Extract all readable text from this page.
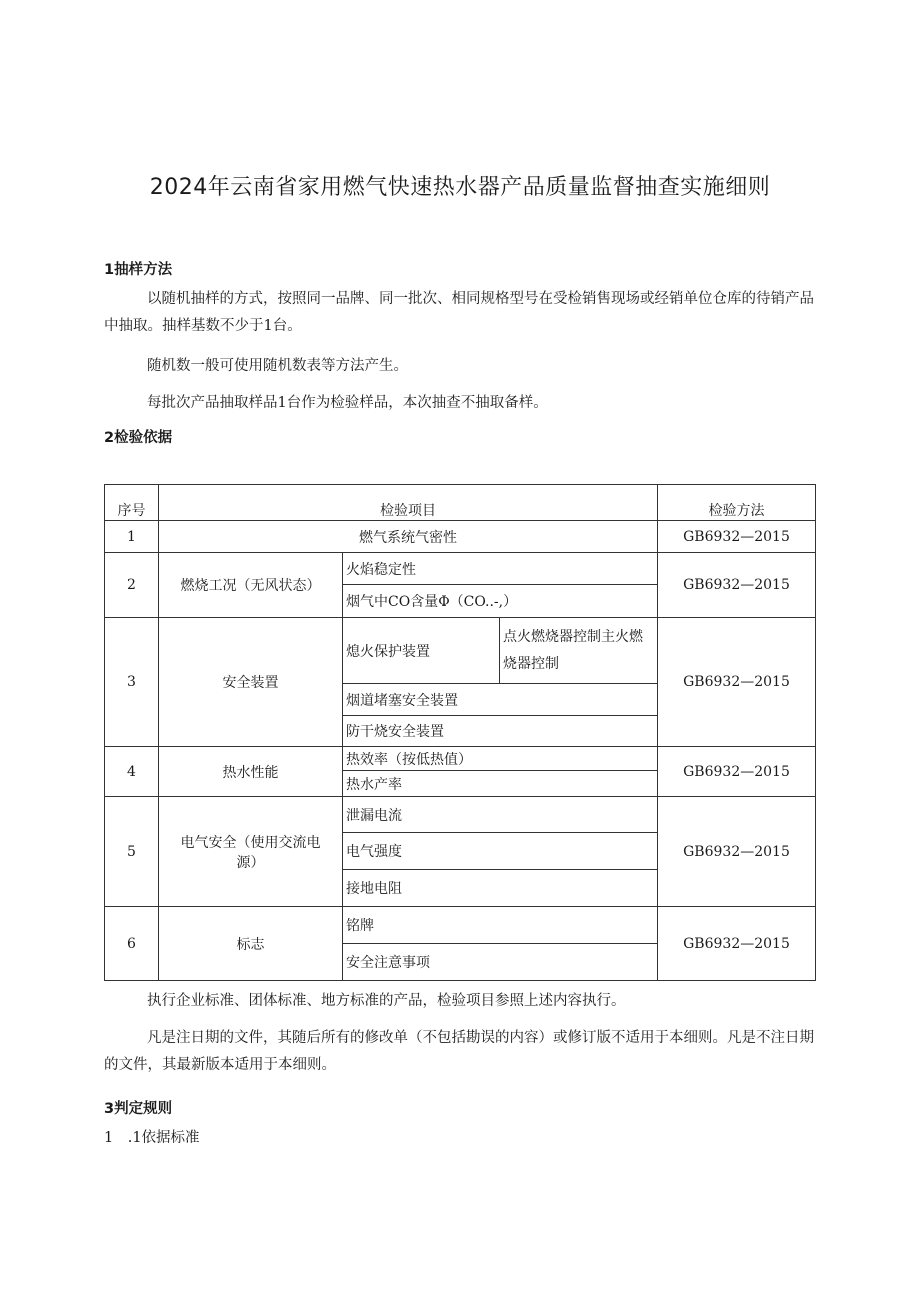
2024年云南省家用燃气快速热水器产品质量监督抽查实施细则
1抽样方法
以随机抽样的方式，按照同一品牌、同一批次、相同规格型号在受检销售现场或经销单位仓库的待销产品中抽取。抽样基数不少于1台。
随机数一般可使用随机数表等方法产生。
每批次产品抽取样品1台作为检验样品，本次抽查不抽取备样。
2检验依据
序号	检验项目			检验方法
1	燃气系统气密性			GB6932—2015
2	燃烧工况（无风状态）	火焰稳定性		GB6932—2015
		烟气中CO含量Φ（CO..-,）		
3	安全装置	熄火保护装置	点火燃烧器控制主火燃烧器控制	GB6932—2015
		烟道堵塞安全装置		
		防干烧安全装置		
4	热水性能	热效率（按低热值）		GB6932—2015
		热水产率		
5	电气安全（使用交流电源）	泄漏电流		GB6932—2015
		电气强度		
		接地电阻		
6	标志	铭牌		GB6932—2015
		安全注意事项		
执行企业标准、团体标准、地方标准的产品，检验项目参照上述内容执行。
凡是注日期的文件，其随后所有的修改单（不包括勘误的内容）或修订版不适用于本细则。凡是不注日期的文件，其最新版本适用于本细则。
3判定规则
1　.1依据标准
